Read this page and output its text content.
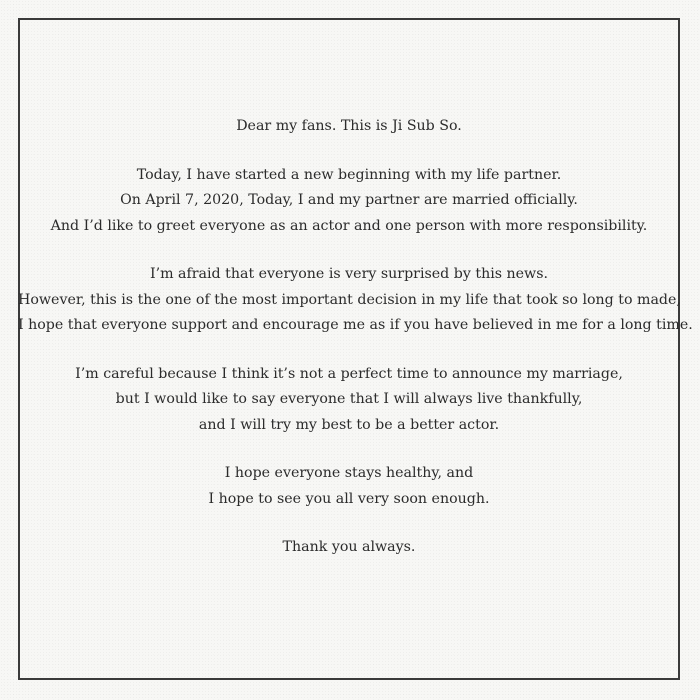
Dear my fans. This is Ji Sub So.
Today, I have started a new beginning with my life partner.
On April 7, 2020, Today, I and my partner are married officially.
And I’d like to greet everyone as an actor and one person with more responsibility.
I’m afraid that everyone is very surprised by this news.
However, this is the one of the most important decision in my life that took so long to made,
I hope that everyone support and encourage me as if you have believed in me for a long time.
I’m careful because I think it’s not a perfect time to announce my marriage,
but I would like to say everyone that I will always live thankfully,
and I will try my best to be a better actor.
I hope everyone stays healthy, and
I hope to see you all very soon enough.
Thank you always.
